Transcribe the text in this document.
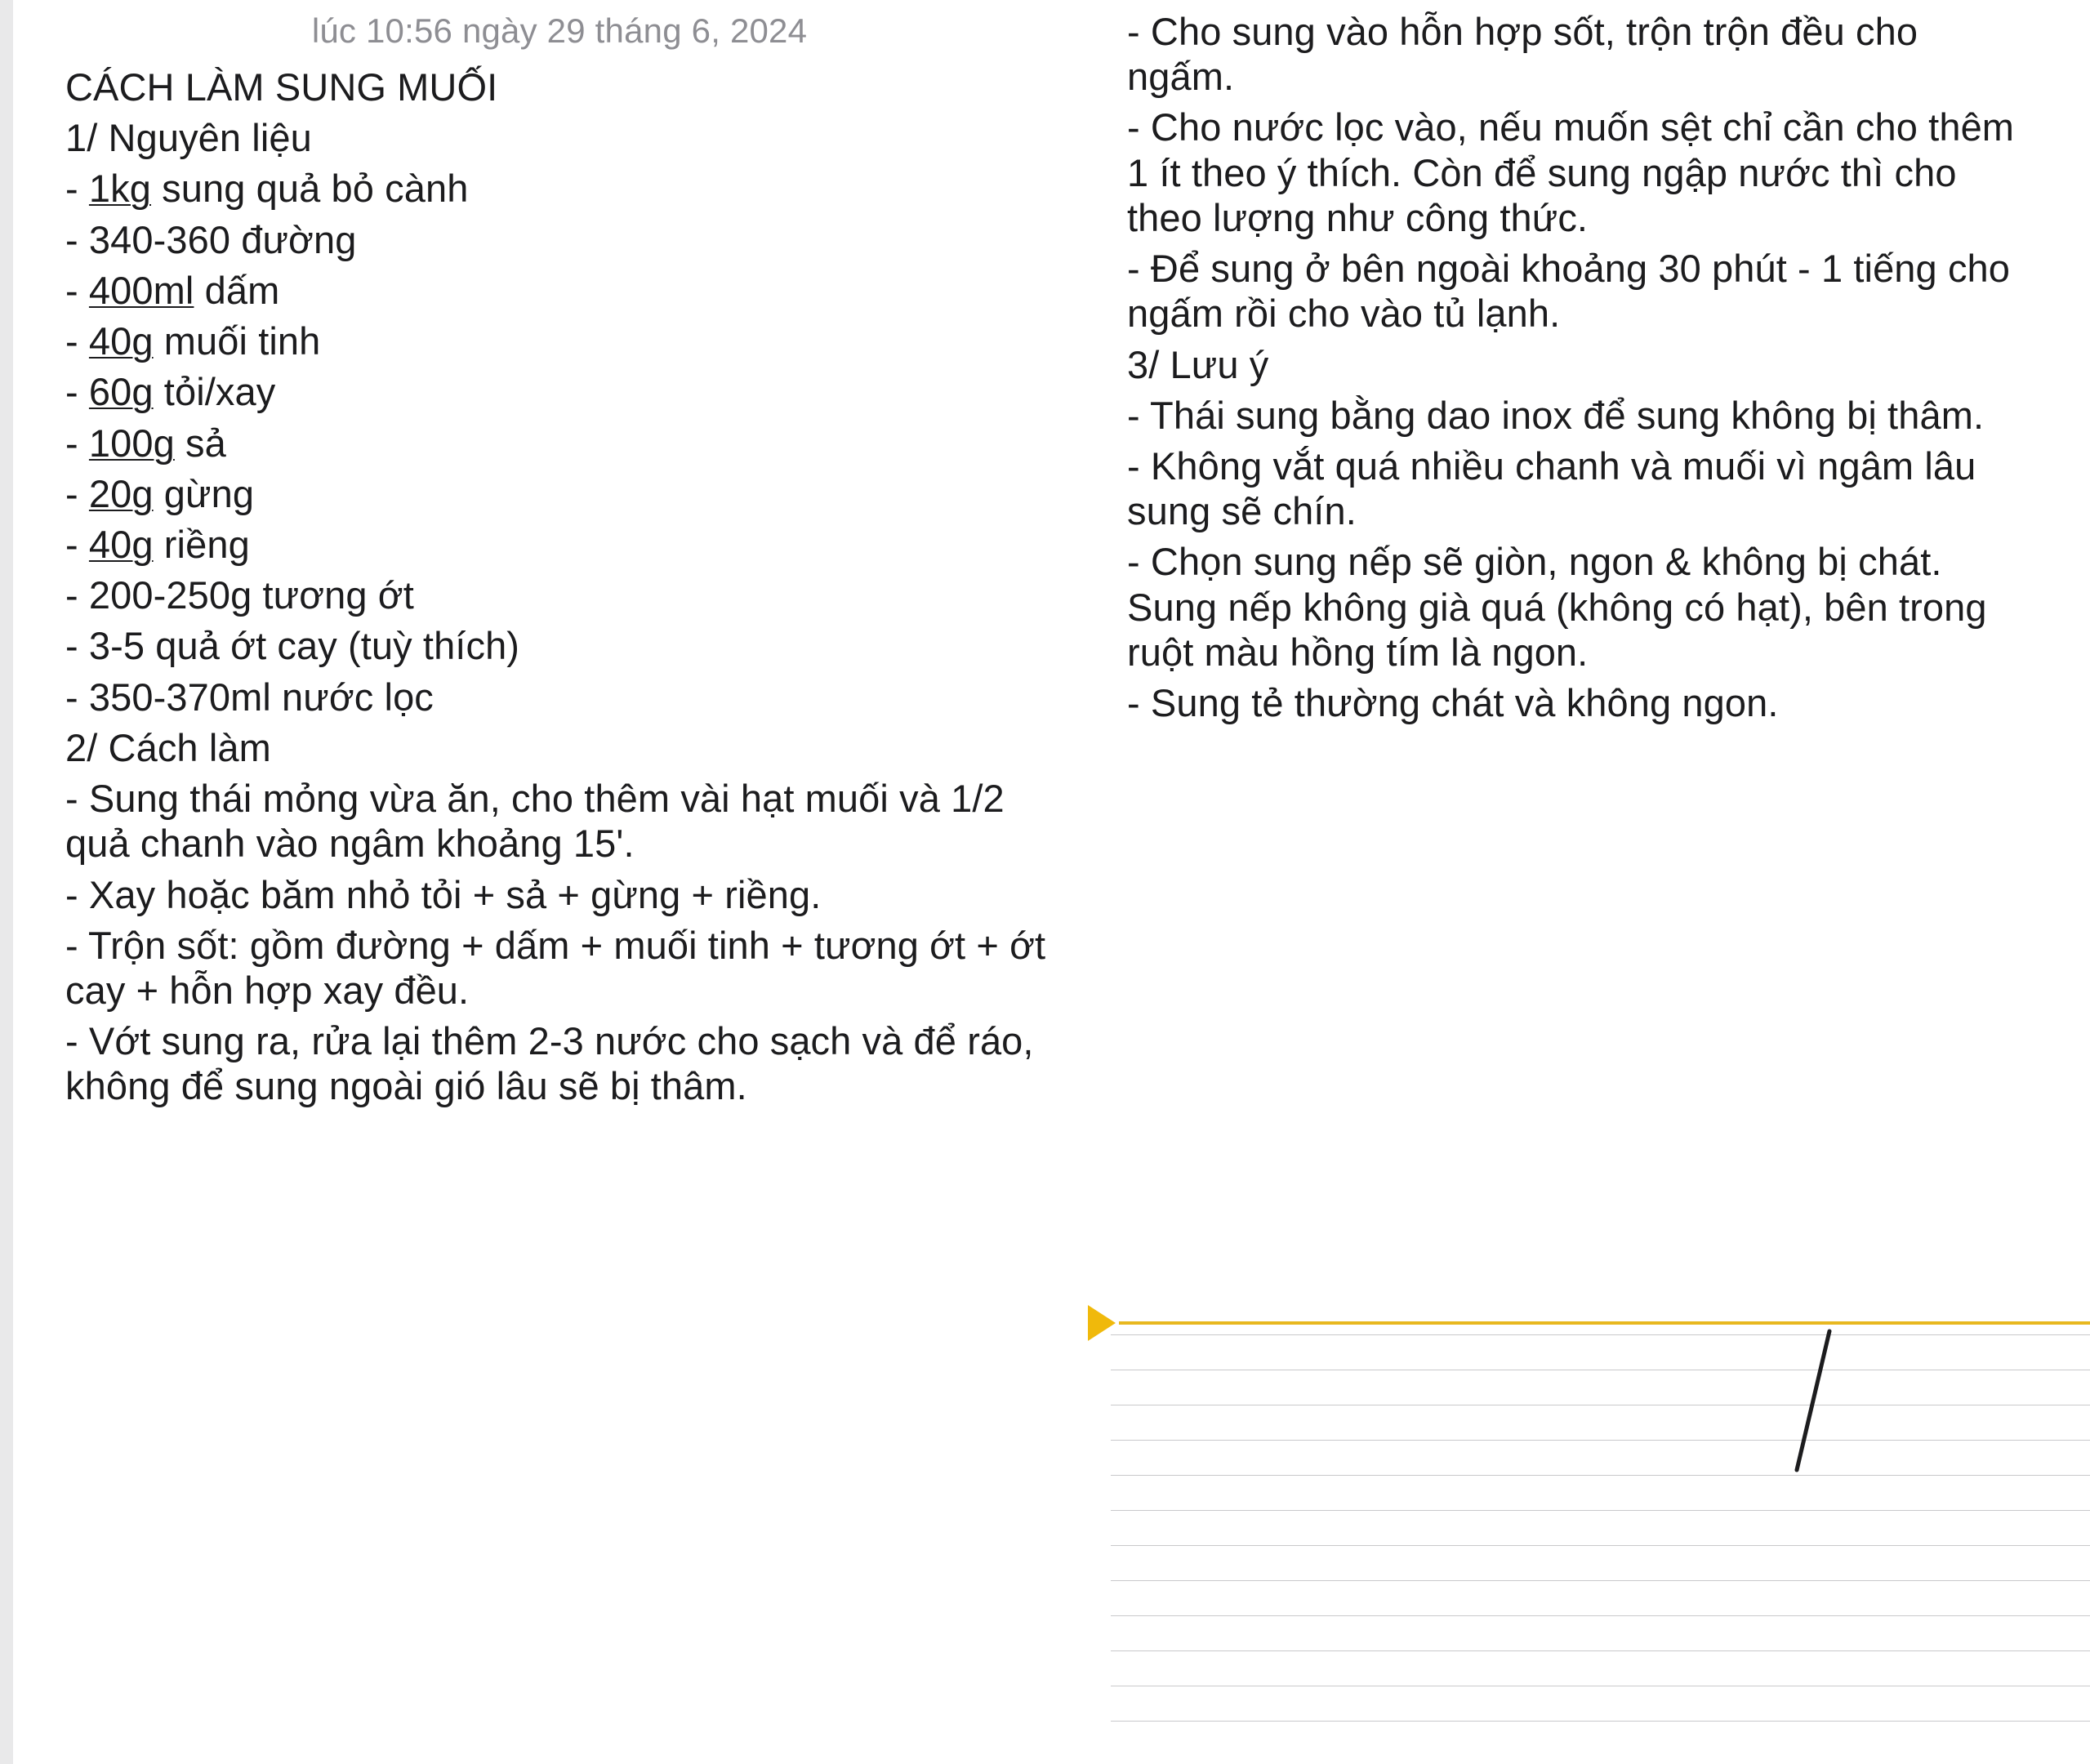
lúc 10:56 ngày 29 tháng 6, 2024
CÁCH LÀM SUNG MUỐI
1/ Nguyên liệu
- 1kg sung quả bỏ cành
- 340-360 đường
- 400ml dấm
- 40g muối tinh
- 60g tỏi/xay
- 100g sả
- 20g gừng
- 40g riềng
- 200-250g tương ớt
- 3-5 quả ớt cay (tuỳ thích)
- 350-370ml nước lọc
2/ Cách làm
- Sung thái mỏng vừa ăn, cho thêm vài hạt muối và 1/2 quả chanh vào ngâm khoảng 15'.
- Xay hoặc băm nhỏ tỏi + sả + gừng + riềng.
- Trộn sốt: gồm đường + dấm + muối tinh + tương ớt + ớt cay + hỗn hợp xay đều.
- Vớt sung ra, rửa lại thêm 2-3 nước cho sạch và để ráo, không để sung ngoài gió lâu sẽ bị thâm.
- Cho sung vào hỗn hợp sốt, trộn trộn đều cho ngấm.
- Cho nước lọc vào, nếu muốn sệt chỉ cần cho thêm 1 ít theo ý thích. Còn để sung ngập nước thì cho theo lượng như công thức.
- Để sung ở bên ngoài khoảng 30 phút - 1 tiếng cho ngấm rồi cho vào tủ lạnh.
3/ Lưu ý
- Thái sung bằng dao inox để sung không bị thâm.
- Không vắt quá nhiều chanh và muối vì ngâm lâu sung sẽ chín.
- Chọn sung nếp sẽ giòn, ngon & không bị chát. Sung nếp không già quá (không có hạt), bên trong ruột màu hồng tím là ngon.
- Sung tẻ thường chát và không ngon.
